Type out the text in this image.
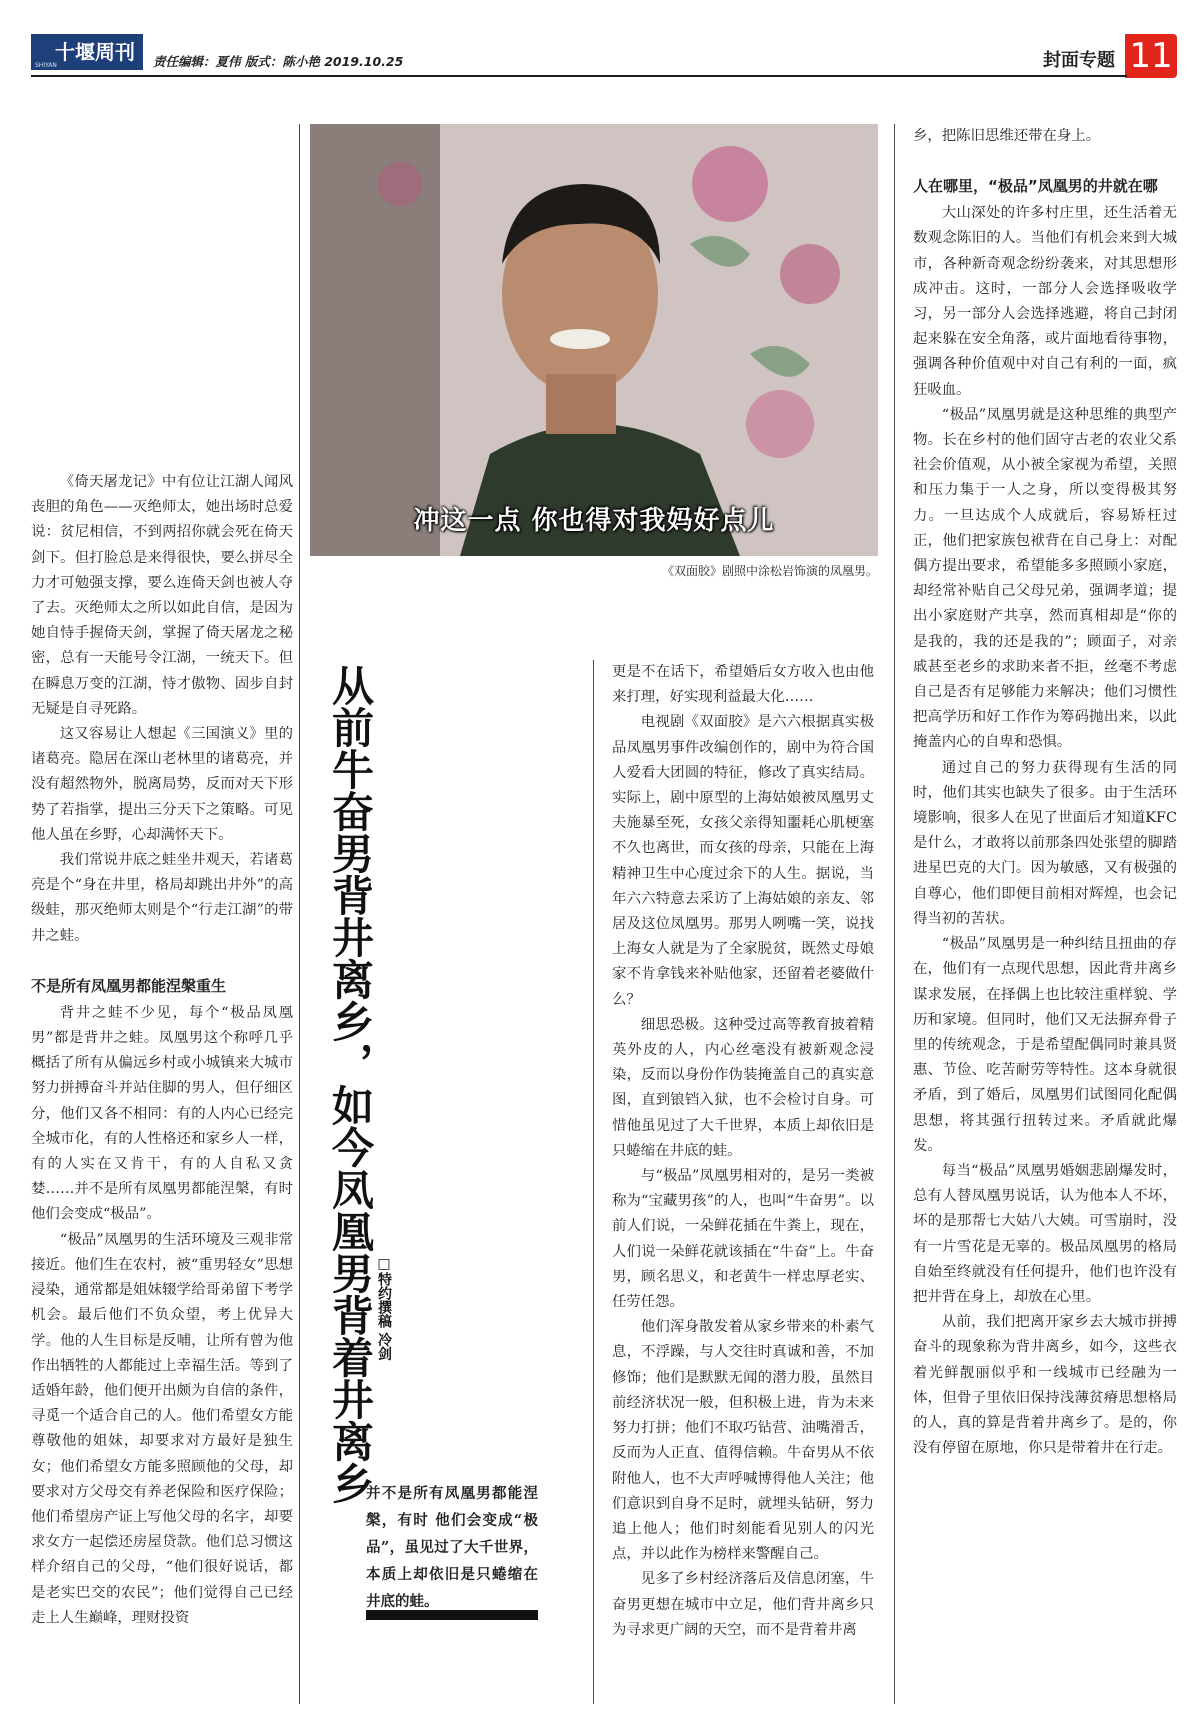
SHIYAN
十堰周刊	责任编辑：夏伟 版式：陈小艳 2019.10.25	封面专题 11
冲这一点 你也得对我妈好点儿
《双面胶》剧照中涂松岩饰演的凤凰男。

《倚天屠龙记》中有位让江湖人闻风丧胆的角色——灭绝师太，她出场时总爱说：贫尼相信，不到两招你就会死在倚天剑下。但打脸总是来得很快，要么拼尽全力才可勉强支撑，要么连倚天剑也被人夺了去。灭绝师太之所以如此自信，是因为她自恃手握倚天剑，掌握了倚天屠龙之秘密，总有一天能号令江湖，一统天下。但在瞬息万变的江湖，恃才傲物、固步自封无疑是自寻死路。

这又容易让人想起《三国演义》里的诸葛亮。隐居在深山老林里的诸葛亮，并没有超然物外，脱离局势，反而对天下形势了若指掌，提出三分天下之策略。可见他人虽在乡野，心却满怀天下。

我们常说井底之蛙坐井观天，若诸葛亮是个“身在井里，格局却跳出井外”的高级蛙，那灭绝师太则是个“行走江湖”的带井之蛙。

不是所有凤凰男都能涅槃重生

背井之蛙不少见，每个“极品凤凰男”都是背井之蛙。凤凰男这个称呼几乎概括了所有从偏远乡村或小城镇来大城市努力拼搏奋斗并站住脚的男人，但仔细区分，他们又各不相同：有的人内心已经完全城市化，有的人性格还和家乡人一样，有的人实在又肯干，有的人自私又贪婪……并不是所有凤凰男都能涅槃，有时他们会变成“极品”。

“极品”凤凰男的生活环境及三观非常接近。他们生在农村，被“重男轻女”思想浸染，通常都是姐妹辍学给哥弟留下考学机会。最后他们不负众望，考上优异大学。他的人生目标是反哺，让所有曾为他作出牺牲的人都能过上幸福生活。等到了适婚年龄，他们便开出颇为自信的条件，寻觅一个适合自己的人。他们希望女方能尊敬他的姐妹，却要求对方最好是独生女；他们希望女方能多照顾他的父母，却要求对方父母交有养老保险和医疗保险；他们希望房产证上写他父母的名字，却要求女方一起偿还房屋贷款。他们总习惯这样介绍自己的父母，“他们很好说话，都是老实巴交的农民”；他们觉得自己已经走上人生巅峰，理财投资

从前牛奋男背井离乡，如今凤凰男背着井离乡 □特约撰稿 冷剑
并不是所有凤凰男都能涅槃，有时 他们会变成“极品”，虽见过了大千世界，本质上却依旧是只蜷缩在井底的蛙。

更是不在话下，希望婚后女方收入也由他来打理，好实现利益最大化……

电视剧《双面胶》是六六根据真实极品凤凰男事件改编创作的，剧中为符合国人爱看大团圆的特征，修改了真实结局。实际上，剧中原型的上海姑娘被凤凰男丈夫施暴至死，女孩父亲得知噩耗心肌梗塞不久也离世，而女孩的母亲，只能在上海精神卫生中心度过余下的人生。据说，当年六六特意去采访了上海姑娘的亲友、邻居及这位凤凰男。那男人咧嘴一笑，说找上海女人就是为了全家脱贫，既然丈母娘家不肯拿钱来补贴他家，还留着老婆做什么？

细思恐极。这种受过高等教育披着精英外皮的人，内心丝毫没有被新观念浸染，反而以身份作伪装掩盖自己的真实意图，直到锒铛入狱，也不会检讨自身。可惜他虽见过了大千世界，本质上却依旧是只蜷缩在井底的蛙。

与“极品”凤凰男相对的，是另一类被称为“宝藏男孩”的人，也叫“牛奋男”。以前人们说，一朵鲜花插在牛粪上，现在，人们说一朵鲜花就该插在“牛奋”上。牛奋男，顾名思义，和老黄牛一样忠厚老实、任劳任怨。

他们浑身散发着从家乡带来的朴素气息，不浮躁，与人交往时真诚和善，不加修饰；他们是默默无闻的潜力股，虽然目前经济状况一般，但积极上进，肯为未来努力打拼；他们不取巧钻营、油嘴滑舌，反而为人正直、值得信赖。牛奋男从不依附他人，也不大声呼喊博得他人关注；他们意识到自身不足时，就埋头钻研，努力追上他人；他们时刻能看见别人的闪光点，并以此作为榜样来警醒自己。

见多了乡村经济落后及信息闭塞，牛奋男更想在城市中立足，他们背井离乡只为寻求更广阔的天空，而不是背着井离

乡，把陈旧思维还带在身上。

人在哪里，“极品”凤凰男的井就在哪

大山深处的许多村庄里，还生活着无数观念陈旧的人。当他们有机会来到大城市，各种新奇观念纷纷袭来，对其思想形成冲击。这时，一部分人会选择吸收学习，另一部分人会选择逃避，将自己封闭起来躲在安全角落，或片面地看待事物，强调各种价值观中对自己有利的一面，疯狂吸血。

“极品”凤凰男就是这种思维的典型产物。长在乡村的他们固守古老的农业父系社会价值观，从小被全家视为希望，关照和压力集于一人之身，所以变得极其努力。一旦达成个人成就后，容易矫枉过正，他们把家族包袱背在自己身上：对配偶方提出要求，希望能多多照顾小家庭，却经常补贴自己父母兄弟，强调孝道；提出小家庭财产共享，然而真相却是“你的是我的，我的还是我的”；顾面子，对亲戚甚至老乡的求助来者不拒，丝毫不考虑自己是否有足够能力来解决；他们习惯性把高学历和好工作作为筹码抛出来，以此掩盖内心的自卑和恐惧。

通过自己的努力获得现有生活的同时，他们其实也缺失了很多。由于生活环境影响，很多人在见了世面后才知道KFC是什么，才敢将以前那条四处张望的脚踏进星巴克的大门。因为敏感，又有极强的自尊心，他们即便目前相对辉煌，也会记得当初的苦状。

“极品”凤凰男是一种纠结且扭曲的存在，他们有一点现代思想，因此背井离乡谋求发展，在择偶上也比较注重样貌、学历和家境。但同时，他们又无法摒弃骨子里的传统观念，于是希望配偶同时兼具贤惠、节俭、吃苦耐劳等特性。这本身就很矛盾，到了婚后，凤凰男们试图同化配偶思想，将其强行扭转过来。矛盾就此爆发。

每当“极品”凤凰男婚姻悲剧爆发时，总有人替凤凰男说话，认为他本人不坏，坏的是那帮七大姑八大姨。可雪崩时，没有一片雪花是无辜的。极品凤凰男的格局自始至终就没有任何提升，他们也许没有把井背在身上，却放在心里。

从前，我们把离开家乡去大城市拼搏奋斗的现象称为背井离乡，如今，这些衣着光鲜靓丽似乎和一线城市已经融为一体，但骨子里依旧保持浅薄贫瘠思想格局的人，真的算是背着井离乡了。是的，你没有停留在原地，你只是带着井在行走。
